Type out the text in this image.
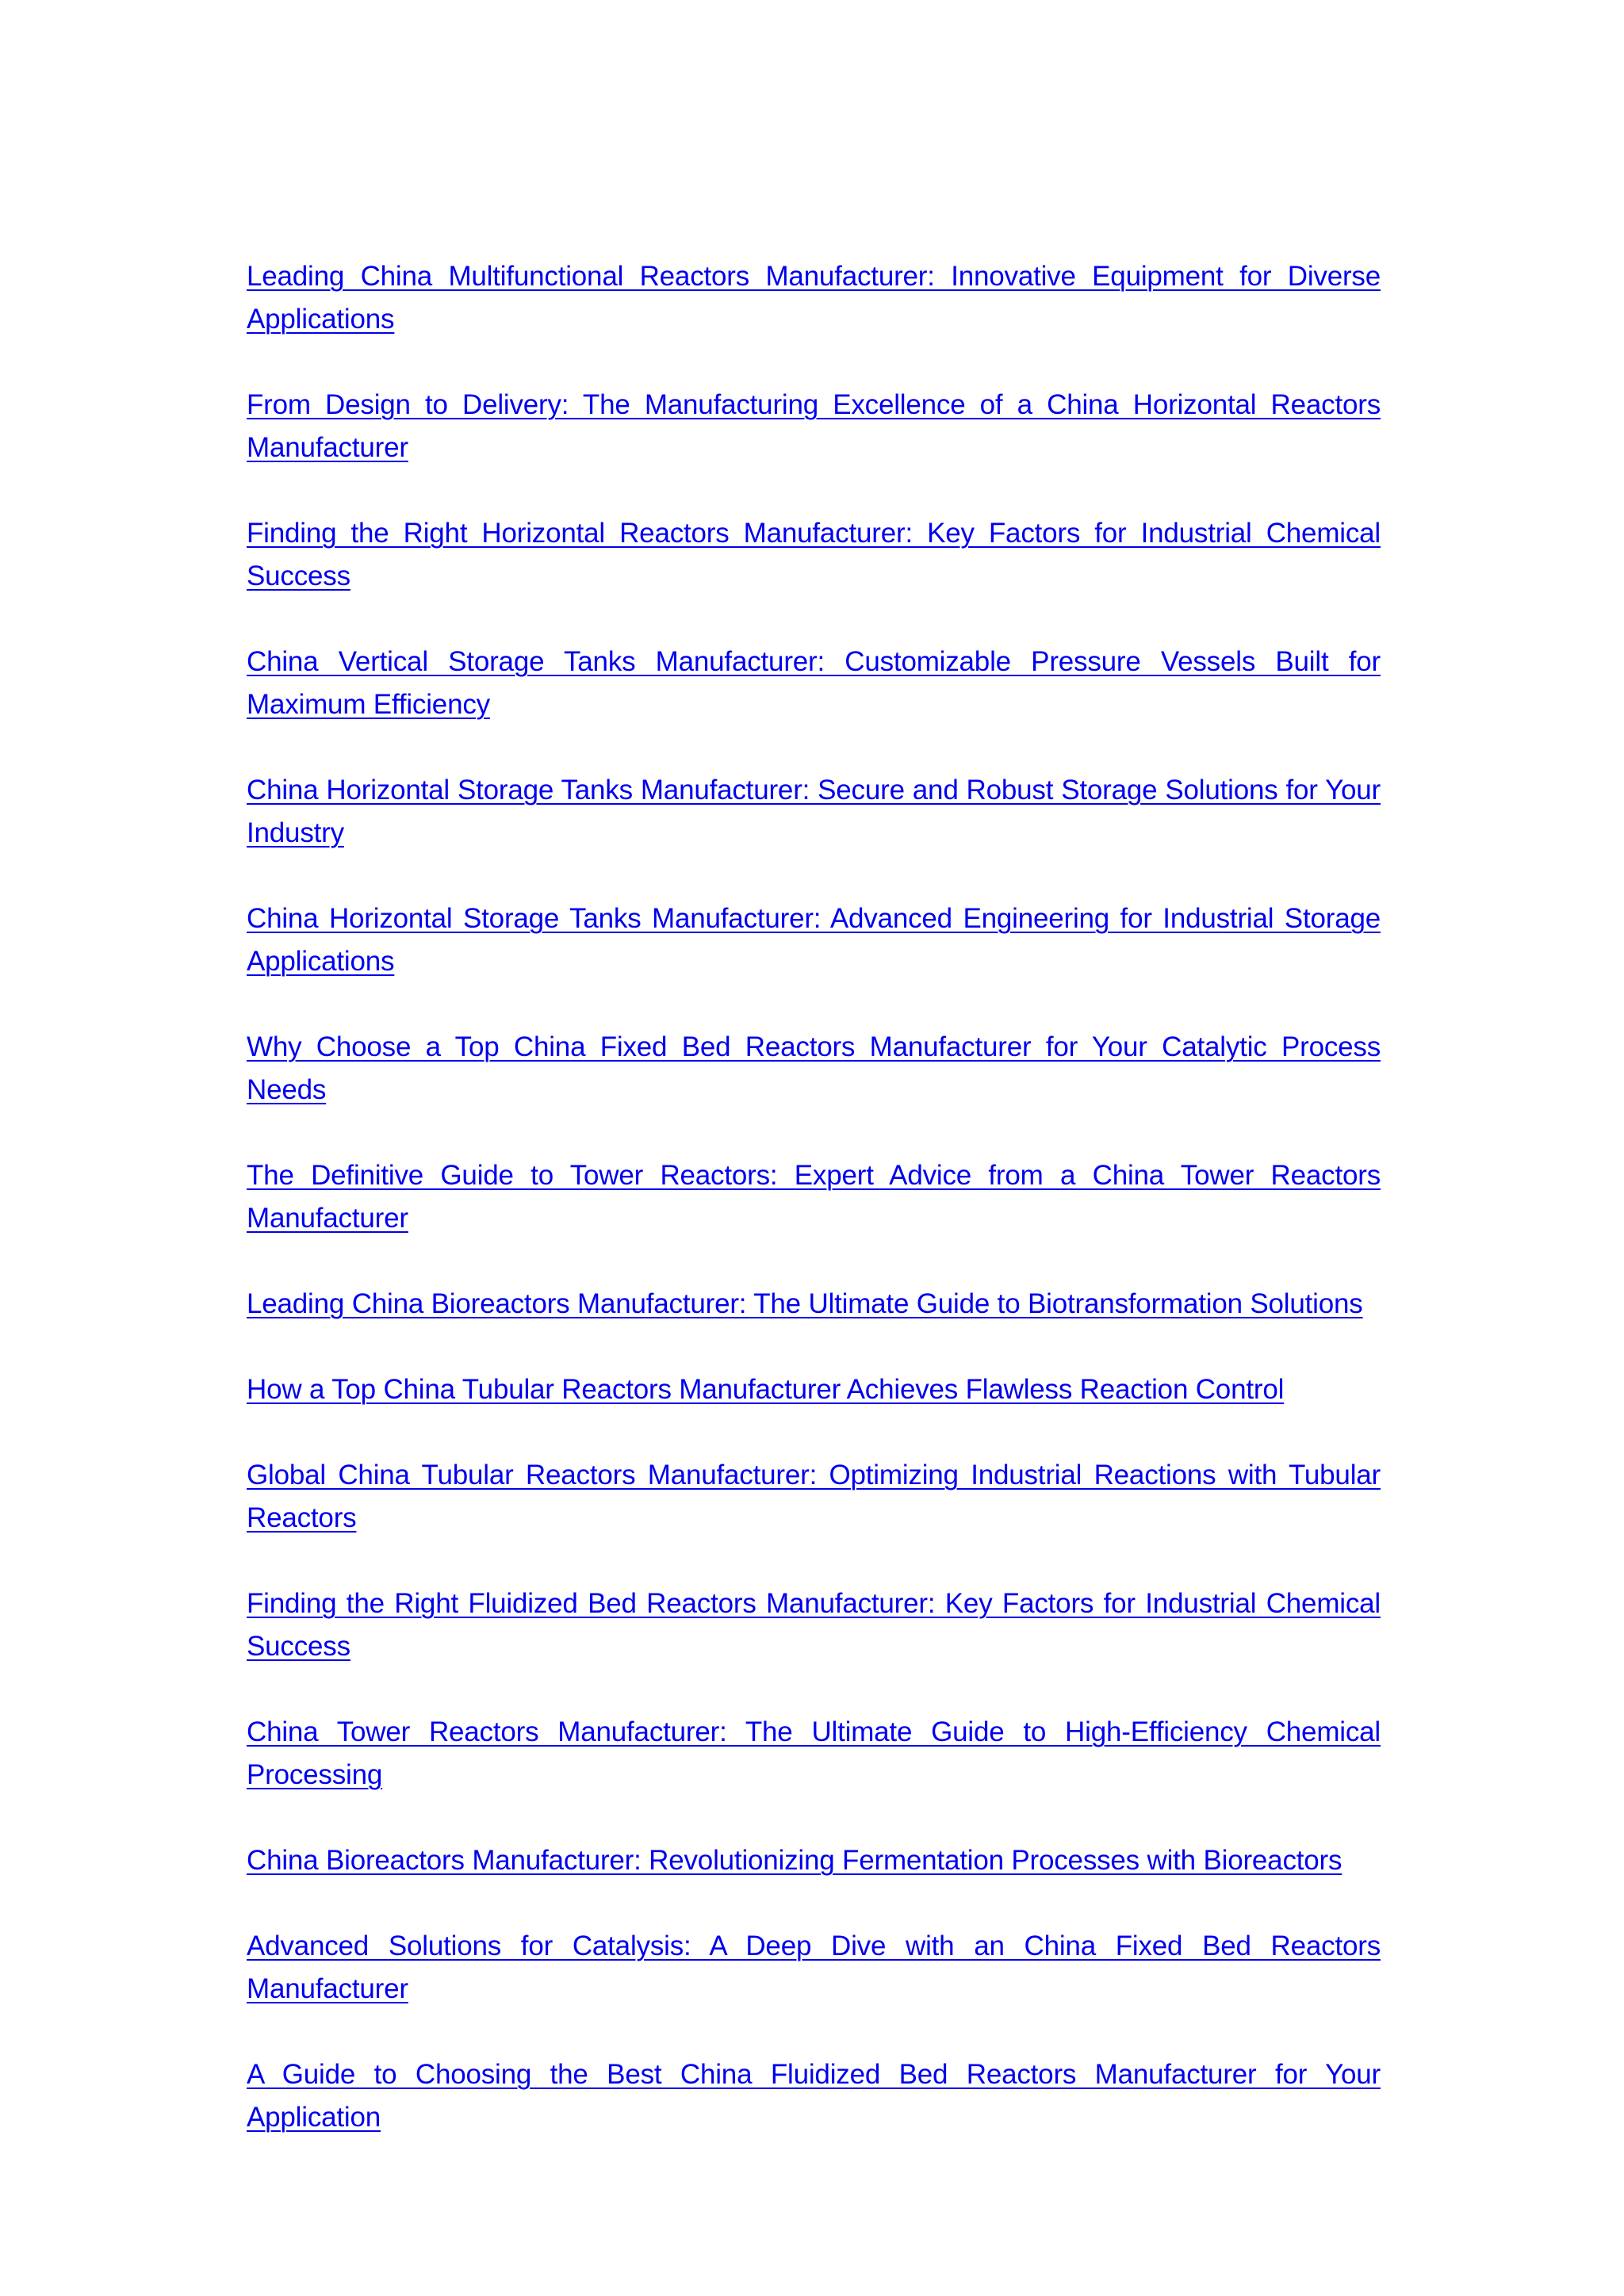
Leading China Multifunctional Reactors Manufacturer: Innovative Equipment for Diverse Applications
From Design to Delivery: The Manufacturing Excellence of a China Horizontal Reactors Manufacturer
Finding the Right Horizontal Reactors Manufacturer: Key Factors for Industrial Chemical Success
China Vertical Storage Tanks Manufacturer: Customizable Pressure Vessels Built for Maximum Efficiency
China Horizontal Storage Tanks Manufacturer: Secure and Robust Storage Solutions for Your Industry
China Horizontal Storage Tanks Manufacturer: Advanced Engineering for Industrial Storage Applications
Why Choose a Top China Fixed Bed Reactors Manufacturer for Your Catalytic Process Needs
The Definitive Guide to Tower Reactors: Expert Advice from a China Tower Reactors Manufacturer
Leading China Bioreactors Manufacturer: The Ultimate Guide to Biotransformation Solutions
How a Top China Tubular Reactors Manufacturer Achieves Flawless Reaction Control
Global China Tubular Reactors Manufacturer: Optimizing Industrial Reactions with Tubular Reactors
Finding the Right Fluidized Bed Reactors Manufacturer: Key Factors for Industrial Chemical Success
China Tower Reactors Manufacturer: The Ultimate Guide to High-Efficiency Chemical Processing
China Bioreactors Manufacturer: Revolutionizing Fermentation Processes with Bioreactors
Advanced Solutions for Catalysis: A Deep Dive with an China Fixed Bed Reactors Manufacturer
A Guide to Choosing the Best China Fluidized Bed Reactors Manufacturer for Your Application
